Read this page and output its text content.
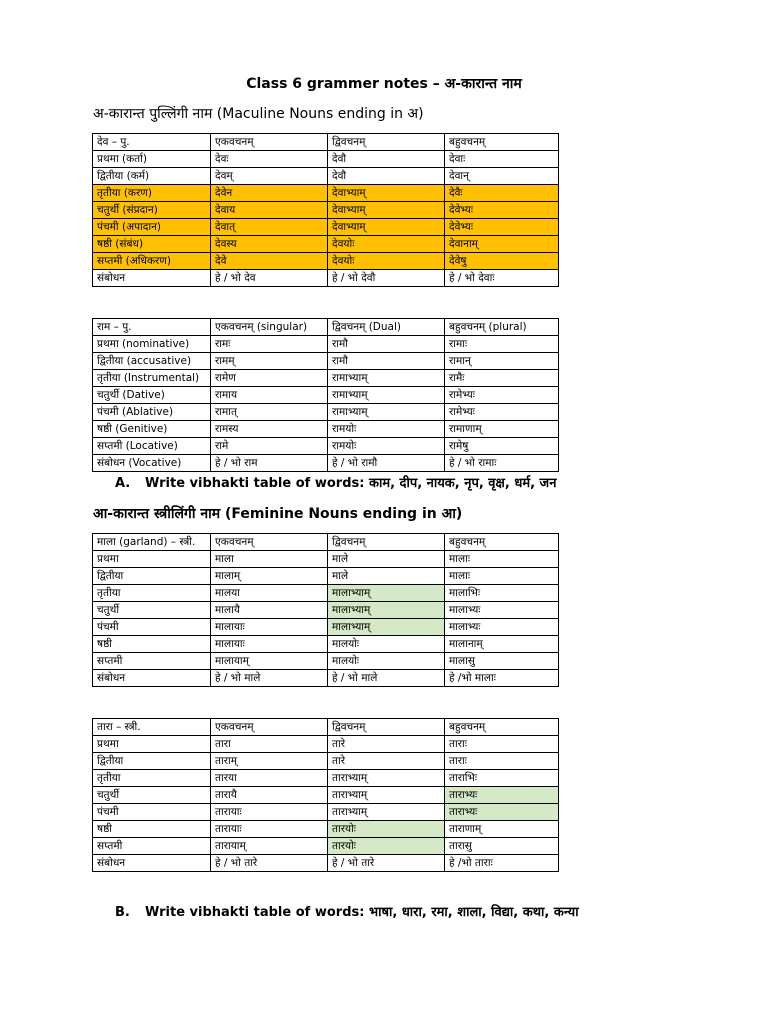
Class 6 grammer notes – अ-कारान्त नाम
अ-कारान्त पुल्लिंगी नाम (Maculine Nouns ending in अ)
देव – पु.	एकवचनम्	द्विवचनम्	बहुवचनम्
प्रथमा (कर्ता)	देवः	देवौ	देवाः
द्वितीया (कर्म)	देवम्	देवौ	देवान्
तृतीया (करण)	देवेन	देवाभ्याम्	देवैः
चतुर्थी (संप्रदान)	देवाय	देवाभ्याम्	देवेभ्यः
पंचमी (अपादान)	देवात्	देवाभ्याम्	देवेभ्यः
षष्ठी (संबंध)	देवस्य	देवयोः	देवानाम्
सप्तमी (अधिकरण)	देवे	देवयोः	देवेषु
संबोधन	हे / भो देव	हे / भो देवौ	हे / भो देवाः
राम – पु.	एकवचनम् (singular)	द्विवचनम् (Dual)	बहुवचनम् (plural)
प्रथमा (nominative)	रामः	रामौ	रामाः
द्वितीया (accusative)	रामम्	रामौ	रामान्
तृतीया (Instrumental)	रामेण	रामाभ्याम्	रामैः
चतुर्थी (Dative)	रामाय	रामाभ्याम्	रामेभ्यः
पंचमी (Ablative)	रामात्	रामाभ्याम्	रामेभ्यः
षष्ठी (Genitive)	रामस्य	रामयोः	रामाणाम्
सप्तमी (Locative)	रामे	रामयोः	रामेषु
संबोधन (Vocative)	हे / भो राम	हे / भो रामौ	हे / भो रामाः
A. Write vibhakti table of words: काम, दीप, नायक, नृप, वृक्ष, धर्म, जन
आ-कारान्त स्त्रीलिंगी नाम (Feminine Nouns ending in आ)
माला (garland) – स्त्री.	एकवचनम्	द्विवचनम्	बहुवचनम्
प्रथमा	माला	माले	मालाः
द्वितीया	मालाम्	माले	मालाः
तृतीया	मालया	मालाभ्याम्	मालाभिः
चतुर्थी	मालायै	मालाभ्याम्	मालाभ्यः
पंचमी	मालायाः	मालाभ्याम्	मालाभ्यः
षष्ठी	मालायाः	मालयोः	मालानाम्
सप्तमी	मालायाम्	मालयोः	मालासु
संबोधन	हे / भो माले	हे / भो माले	हे /भो मालाः
तारा – स्त्री.	एकवचनम्	द्विवचनम्	बहुवचनम्
प्रथमा	तारा	तारे	ताराः
द्वितीया	ताराम्	तारे	ताराः
तृतीया	तारया	ताराभ्याम्	ताराभिः
चतुर्थी	तारायै	ताराभ्याम्	ताराभ्यः
पंचमी	तारायाः	ताराभ्याम्	ताराभ्यः
षष्ठी	तारायाः	तारयोः	ताराणाम्
सप्तमी	तारायाम्	तारयोः	तारासु
संबोधन	हे / भो तारे	हे / भो तारे	हे /भो ताराः
B. Write vibhakti table of words: भाषा, धारा, रमा, शाला, विद्या, कथा, कन्या
